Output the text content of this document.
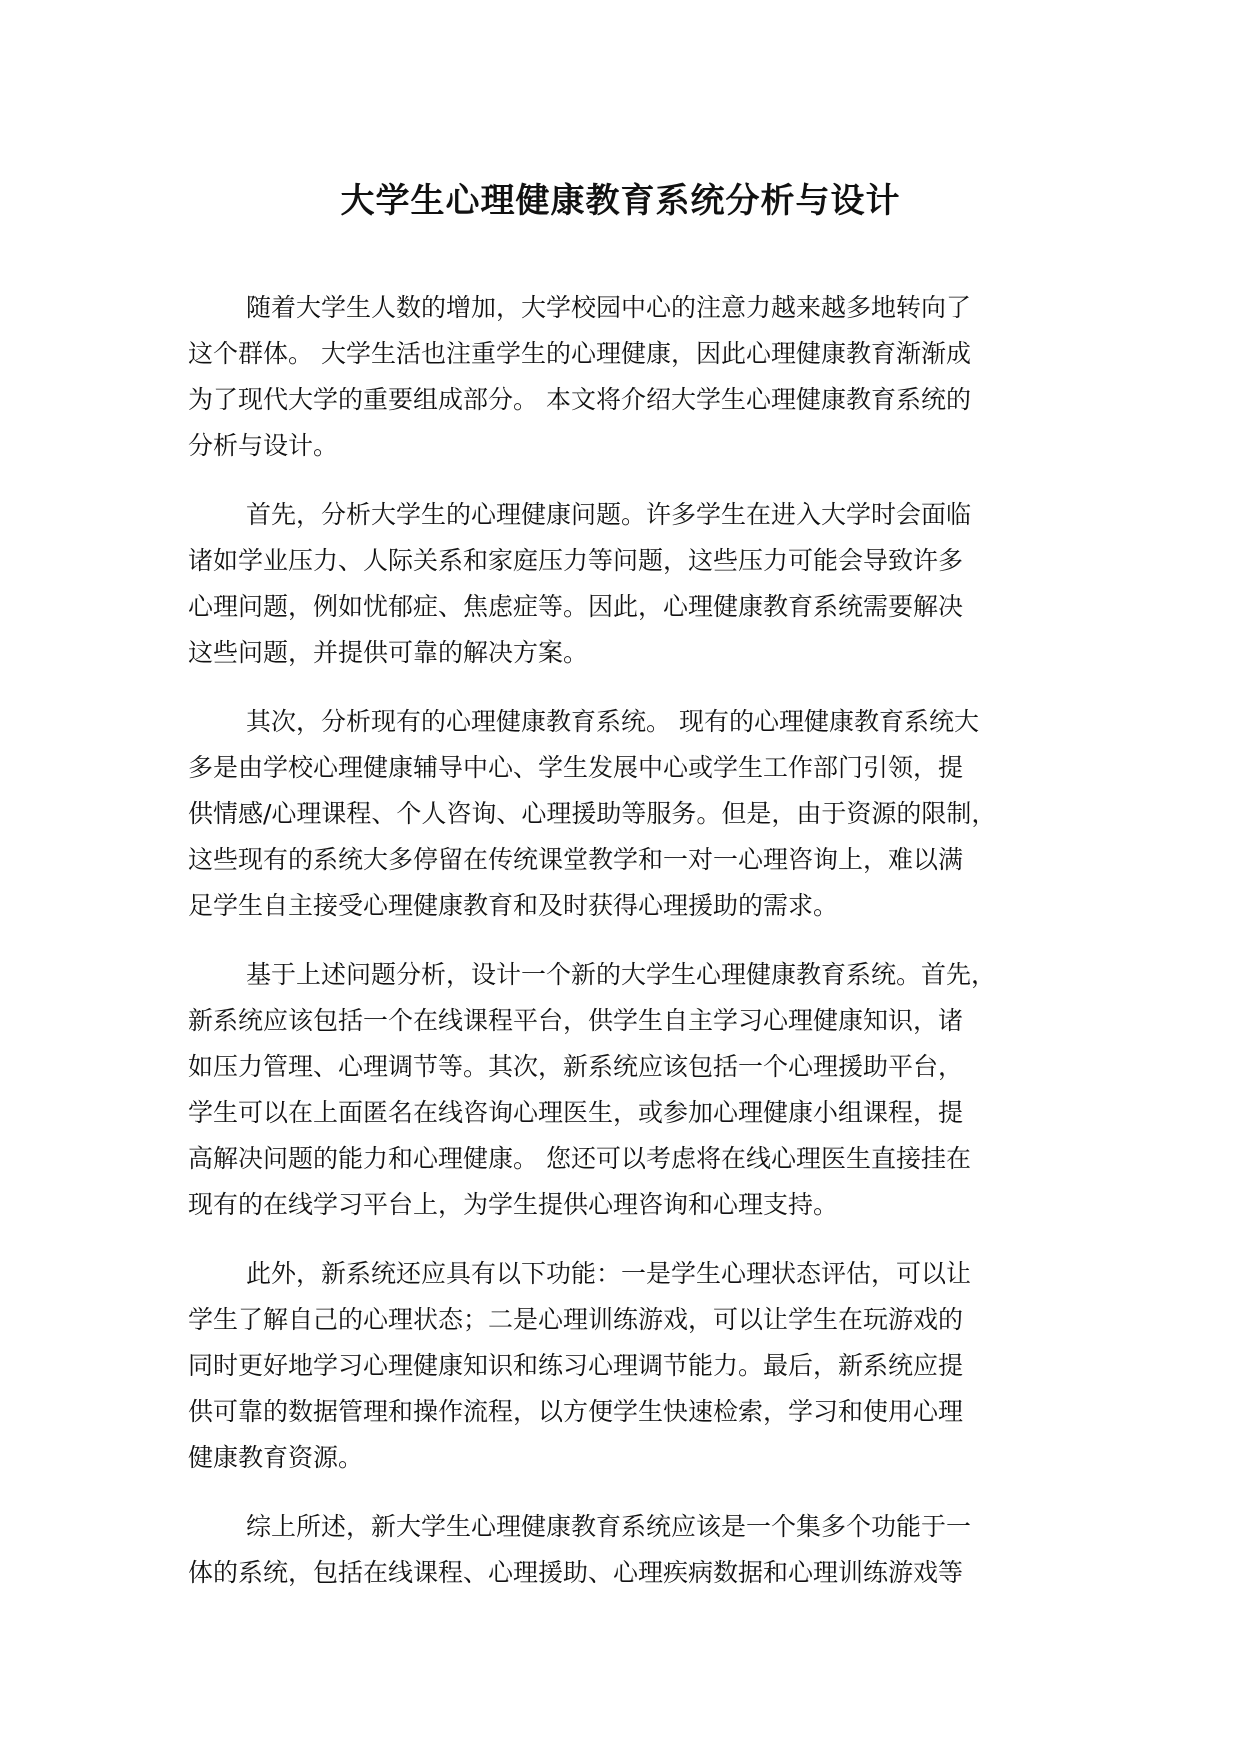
大学生心理健康教育系统分析与设计

随着大学生人数的增加，大学校园中心的注意力越来越多地转向了
这个群体。 大学生活也注重学生的心理健康，因此心理健康教育渐渐成
为了现代大学的重要组成部分。 本文将介绍大学生心理健康教育系统的
分析与设计。

首先，分析大学生的心理健康问题。许多学生在进入大学时会面临
诸如学业压力、人际关系和家庭压力等问题，这些压力可能会导致许多
心理问题，例如忧郁症、焦虑症等。因此，心理健康教育系统需要解决
这些问题，并提供可靠的解决方案。

其次，分析现有的心理健康教育系统。 现有的心理健康教育系统大
多是由学校心理健康辅导中心、学生发展中心或学生工作部门引领，提
供情感/心理课程、个人咨询、心理援助等服务。但是，由于资源的限制，
这些现有的系统大多停留在传统课堂教学和一对一心理咨询上，难以满
足学生自主接受心理健康教育和及时获得心理援助的需求。

基于上述问题分析，设计一个新的大学生心理健康教育系统。首先，
新系统应该包括一个在线课程平台，供学生自主学习心理健康知识，诸
如压力管理、心理调节等。其次，新系统应该包括一个心理援助平台，
学生可以在上面匿名在线咨询心理医生，或参加心理健康小组课程，提
高解决问题的能力和心理健康。 您还可以考虑将在线心理医生直接挂在
现有的在线学习平台上，为学生提供心理咨询和心理支持。

此外，新系统还应具有以下功能：一是学生心理状态评估，可以让
学生了解自己的心理状态；二是心理训练游戏，可以让学生在玩游戏的
同时更好地学习心理健康知识和练习心理调节能力。最后，新系统应提
供可靠的数据管理和操作流程，以方便学生快速检索，学习和使用心理
健康教育资源。

综上所述，新大学生心理健康教育系统应该是一个集多个功能于一
体的系统，包括在线课程、心理援助、心理疾病数据和心理训练游戏等
